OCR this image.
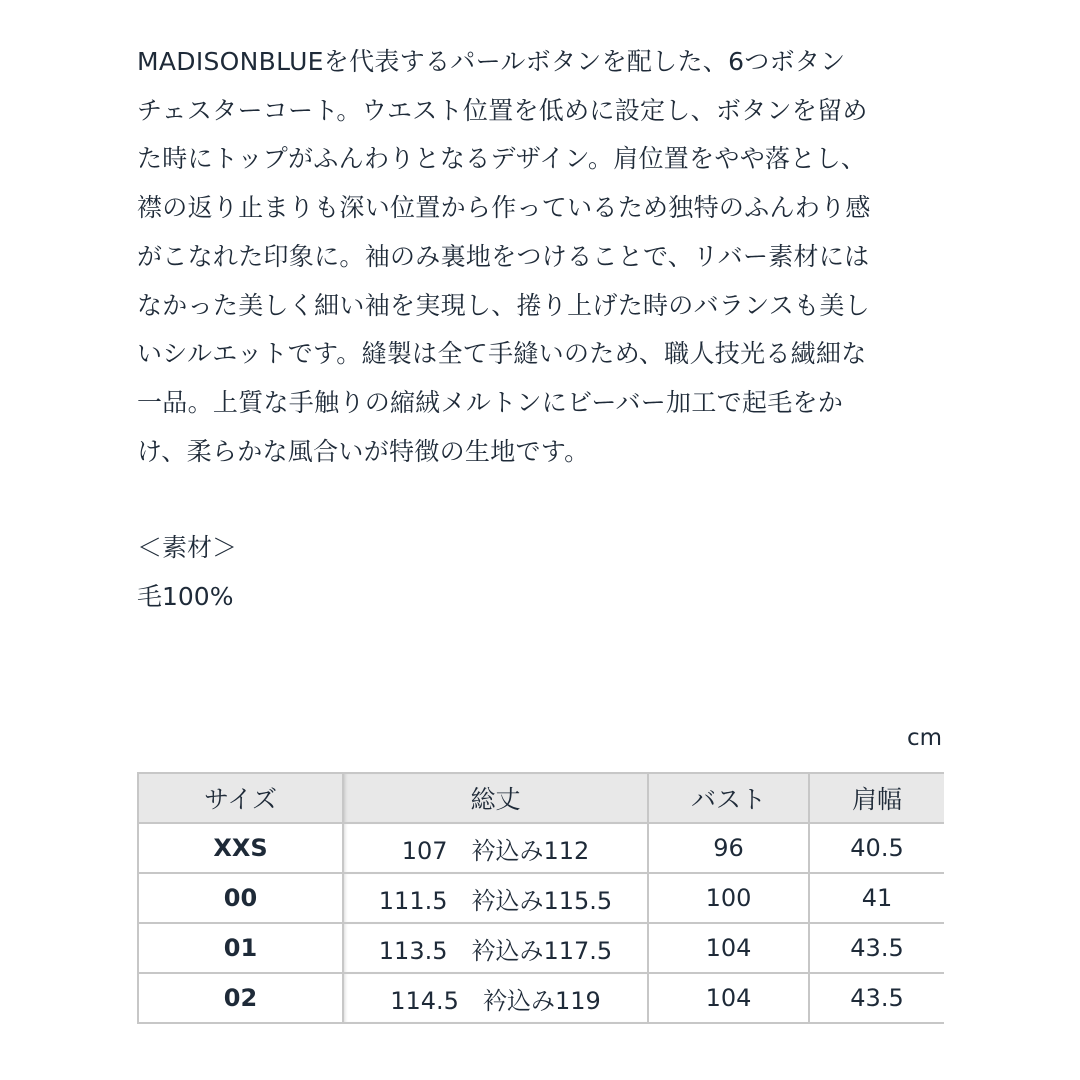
MADISONBLUEを代表するパールボタンを配した、6つボタン
チェスターコート。ウエスト位置を低めに設定し、ボタンを留め
た時にトップがふんわりとなるデザイン。肩位置をやや落とし、
襟の返り止まりも深い位置から作っているため独特のふんわり感
がこなれた印象に。袖のみ裏地をつけることで、リバー素材には
なかった美しく細い袖を実現し、捲り上げた時のバランスも美し
いシルエットです。縫製は全て手縫いのため、職人技光る繊細な
一品。上質な手触りの縮絨メルトンにビーバー加工で起毛をか
け、柔らかな風合いが特徴の生地です。
＜素材＞
毛100%
cm
サイズ	総丈	バスト	肩幅
XXS	107　衿込み112	96	40.5
00	111.5　衿込み115.5	100	41
01	113.5　衿込み117.5	104	43.5
02	114.5　衿込み119	104	43.5
